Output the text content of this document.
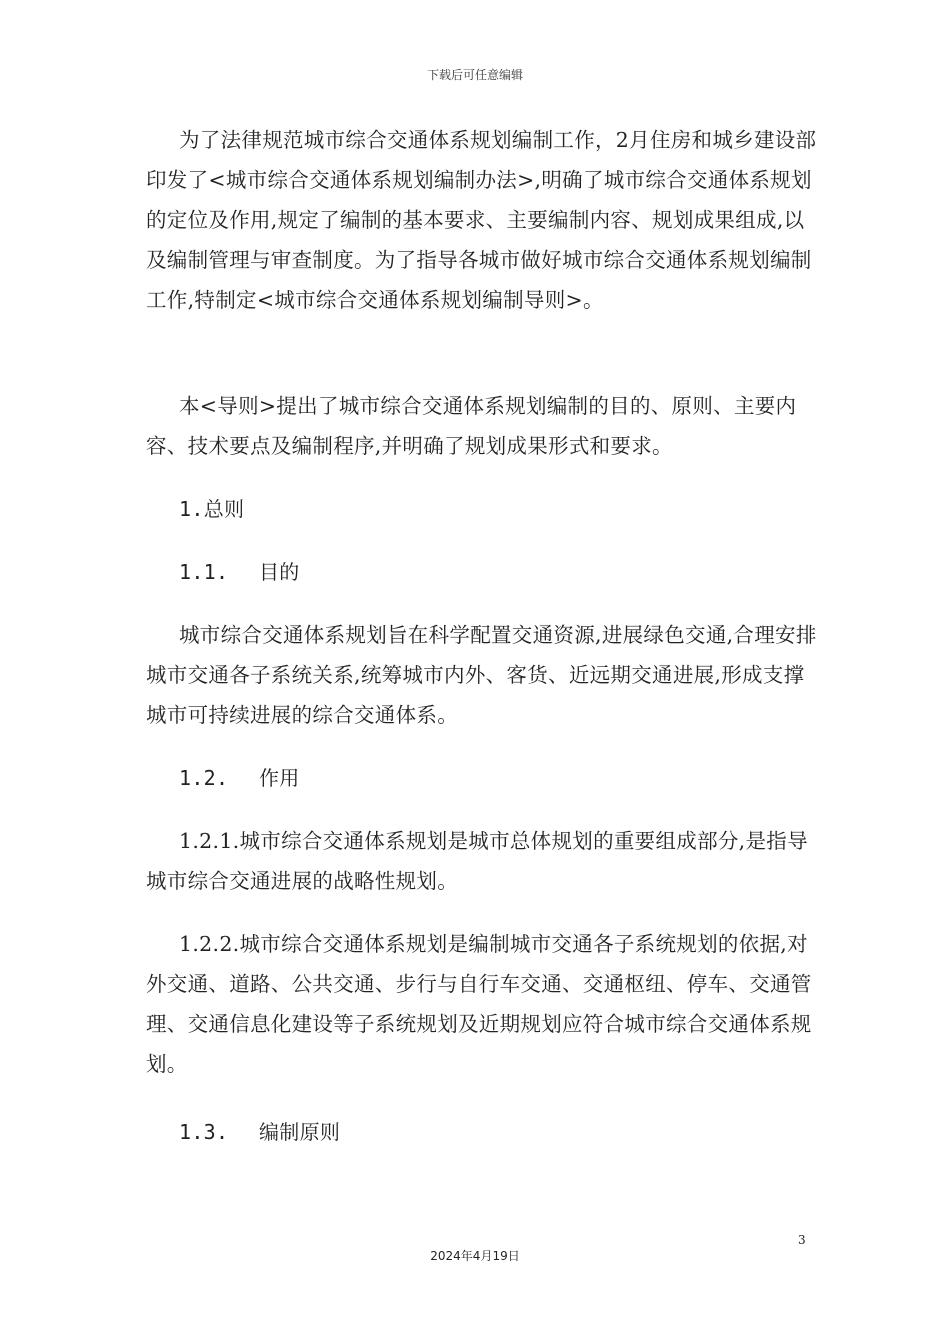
下载后可任意编辑

为了法律规范城市综合交通体系规划编制工作，2月住房和城乡建设部印发了<城市综合交通体系规划编制办法>,明确了城市综合交通体系规划的定位及作用,规定了编制的基本要求、主要编制内容、规划成果组成,以及编制管理与审查制度。为了指导各城市做好城市综合交通体系规划编制工作,特制定<城市综合交通体系规划编制导则>。

本<导则>提出了城市综合交通体系规划编制的目的、原则、主要内容、技术要点及编制程序,并明确了规划成果形式和要求。

1.总则

1.1. 目的

城市综合交通体系规划旨在科学配置交通资源,进展绿色交通,合理安排城市交通各子系统关系,统筹城市内外、客货、近远期交通进展,形成支撑城市可持续进展的综合交通体系。

1.2. 作用

1.2.1.城市综合交通体系规划是城市总体规划的重要组成部分,是指导城市综合交通进展的战略性规划。

1.2.2.城市综合交通体系规划是编制城市交通各子系统规划的依据,对外交通、道路、公共交通、步行与自行车交通、交通枢纽、停车、交通管理、交通信息化建设等子系统规划及近期规划应符合城市综合交通体系规划。

1.3. 编制原则

3
2024年4月19日
